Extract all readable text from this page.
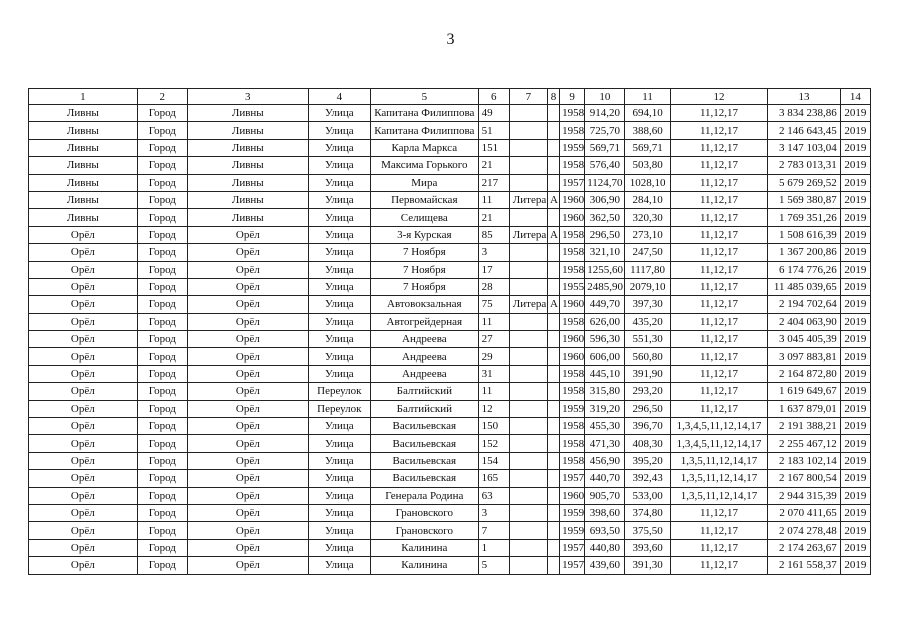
3
1	2	3	4	5	6	7	8	9	10	11	12	13	14
Ливны	Город	Ливны	Улица	Капитана Филиппова	49			1958	914,20	694,10	11,12,17	3 834 238,86	2019
Ливны	Город	Ливны	Улица	Капитана Филиппова	51			1958	725,70	388,60	11,12,17	2 146 643,45	2019
Ливны	Город	Ливны	Улица	Карла Маркса	151			1959	569,71	569,71	11,12,17	3 147 103,04	2019
Ливны	Город	Ливны	Улица	Максима Горького	21			1958	576,40	503,80	11,12,17	2 783 013,31	2019
Ливны	Город	Ливны	Улица	Мира	217			1957	1124,70	1028,10	11,12,17	5 679 269,52	2019
Ливны	Город	Ливны	Улица	Первомайская	11	Литера	А	1960	306,90	284,10	11,12,17	1 569 380,87	2019
Ливны	Город	Ливны	Улица	Селищева	21			1960	362,50	320,30	11,12,17	1 769 351,26	2019
Орёл	Город	Орёл	Улица	3-я Курская	85	Литера	А	1958	296,50	273,10	11,12,17	1 508 616,39	2019
Орёл	Город	Орёл	Улица	7 Ноября	3			1958	321,10	247,50	11,12,17	1 367 200,86	2019
Орёл	Город	Орёл	Улица	7 Ноября	17			1958	1255,60	1117,80	11,12,17	6 174 776,26	2019
Орёл	Город	Орёл	Улица	7 Ноября	28			1955	2485,90	2079,10	11,12,17	11 485 039,65	2019
Орёл	Город	Орёл	Улица	Автовокзальная	75	Литера	А	1960	449,70	397,30	11,12,17	2 194 702,64	2019
Орёл	Город	Орёл	Улица	Автогрейдерная	11			1958	626,00	435,20	11,12,17	2 404 063,90	2019
Орёл	Город	Орёл	Улица	Андреева	27			1960	596,30	551,30	11,12,17	3 045 405,39	2019
Орёл	Город	Орёл	Улица	Андреева	29			1960	606,00	560,80	11,12,17	3 097 883,81	2019
Орёл	Город	Орёл	Улица	Андреева	31			1958	445,10	391,90	11,12,17	2 164 872,80	2019
Орёл	Город	Орёл	Переулок	Балтийский	11			1958	315,80	293,20	11,12,17	1 619 649,67	2019
Орёл	Город	Орёл	Переулок	Балтийский	12			1959	319,20	296,50	11,12,17	1 637 879,01	2019
Орёл	Город	Орёл	Улица	Васильевская	150			1958	455,30	396,70	1,3,4,5,11,12,14,17	2 191 388,21	2019
Орёл	Город	Орёл	Улица	Васильевская	152			1958	471,30	408,30	1,3,4,5,11,12,14,17	2 255 467,12	2019
Орёл	Город	Орёл	Улица	Васильевская	154			1958	456,90	395,20	1,3,5,11,12,14,17	2 183 102,14	2019
Орёл	Город	Орёл	Улица	Васильевская	165			1957	440,70	392,43	1,3,5,11,12,14,17	2 167 800,54	2019
Орёл	Город	Орёл	Улица	Генерала Родина	63			1960	905,70	533,00	1,3,5,11,12,14,17	2 944 315,39	2019
Орёл	Город	Орёл	Улица	Грановского	3			1959	398,60	374,80	11,12,17	2 070 411,65	2019
Орёл	Город	Орёл	Улица	Грановского	7			1959	693,50	375,50	11,12,17	2 074 278,48	2019
Орёл	Город	Орёл	Улица	Калинина	1			1957	440,80	393,60	11,12,17	2 174 263,67	2019
Орёл	Город	Орёл	Улица	Калинина	5			1957	439,60	391,30	11,12,17	2 161 558,37	2019
